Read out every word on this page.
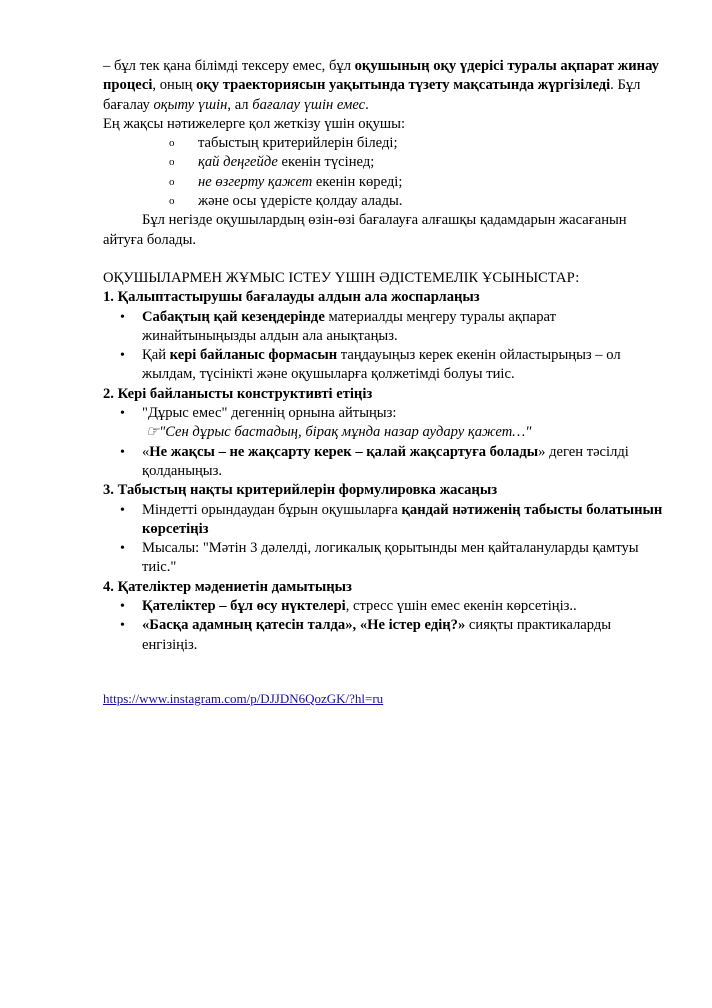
– бұл тек қана білімді тексеру емес, бұл оқушының оқу үдерісі туралы ақпарат жинау процесі, оның оқу траекториясын уақытында түзету мақсатында жүргізіледі. Бұл бағалау оқыту үшін, ал бағалау үшін емес.

Ең жақсы нәтижелерге қол жеткізу үшін оқушы:

o табыстың критерийлерін біледі;
o қай деңгейде екенін түсінед;
o не өзгерту қажет екенін көреді;
o және осы үдерісте қолдау алады.

Бұл негізде оқушылардың өзін-өзі бағалауға алғашқы қадамдарын жасағанын айтуға болады.

ОҚУШЫЛАРМЕН ЖҰМЫС ІСТЕУ ҮШІН ӘДІСТЕМЕЛІК ҰСЫНЫСТАР:

1. Қалыптастырушы бағалауды алдын ала жоспарлаңыз

• Сабақтың қай кезеңдерінде материалды меңгеру туралы ақпарат жинайтыныңызды алдын ала анықтаңыз.
• Қай кері байланыс формасын таңдауыңыз керек екенін ойластырыңыз – ол жылдам, түсінікті және оқушыларға қолжетімді болуы тиіс.

2. Кері байланысты конструктивті етіңіз

• "Дұрыс емес" дегеннің орнына айтыңыз:

☞"Сен дұрыс бастадың, бірақ мұнда назар аудару қажет…"

• «Не жақсы – не жақсарту керек – қалай жақсартуға болады» деген тәсілді қолданыңыз.

3. Табыстың нақты критерийлерін формулировка жасаңыз

• Міндетті орындаудан бұрын оқушыларға қандай нәтиженің табысты болатынын көрсетіңіз
• Мысалы: "Мәтін 3 дәлелді, логикалық қорытынды мен қайталануларды қамтуы тиіс."

4. Қателіктер мәдениетін дамытыңыз

• Қателіктер – бұл өсу нүктелері, стресс үшін емес екенін көрсетіңіз..
• «Басқа адамның қатесін талда», «Не істер едің?» сияқты практикаларды енгізіңіз.
https://www.instagram.com/p/DJJDN6QozGK/?hl=ru
